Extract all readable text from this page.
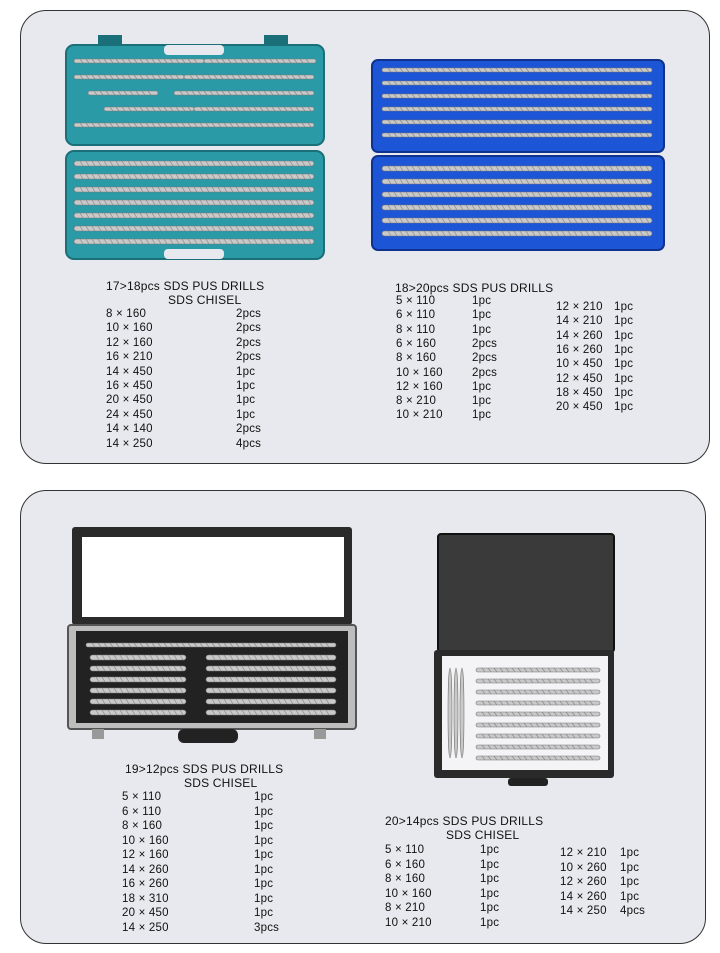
17>18pcs SDS PUS DRILLS
SDS CHISEL
8 × 160	2pcs
10 × 160	2pcs
12 × 160	2pcs
16 × 210	2pcs
14 × 450	1pc
16 × 450	1pc
20 × 450	1pc
24 × 450	1pc
14 × 140	2pcs
14 × 250	4pcs
18>20pcs SDS PUS DRILLS
5 × 110	1pc
6 × 110	1pc
8 × 110	1pc
6 × 160	2pcs
8 × 160	2pcs
10 × 160	2pcs
12 × 160	1pc
8 × 210	1pc
10 × 210	1pc
12 × 210 1pc
14 × 210 1pc
14 × 260 1pc
16 × 260 1pc
10 × 450 1pc
12 × 450 1pc
18 × 450 1pc
20 × 450 1pc
19>12pcs SDS PUS DRILLS
SDS CHISEL
5 × 110	1pc
6 × 110	1pc
8 × 160	1pc
10 × 160	1pc
12 × 160	1pc
14 × 260	1pc
16 × 260	1pc
18 × 310	1pc
20 × 450	1pc
14 × 250	3pcs
20>14pcs SDS PUS DRILLS
SDS CHISEL
5 × 110	1pc
6 × 160	1pc
8 × 160	1pc
10 × 160	1pc
8 × 210	1pc
10 × 210	1pc
12 × 210 1pc
10 × 260 1pc
12 × 260 1pc
14 × 260 1pc
14 × 250 4pcs
